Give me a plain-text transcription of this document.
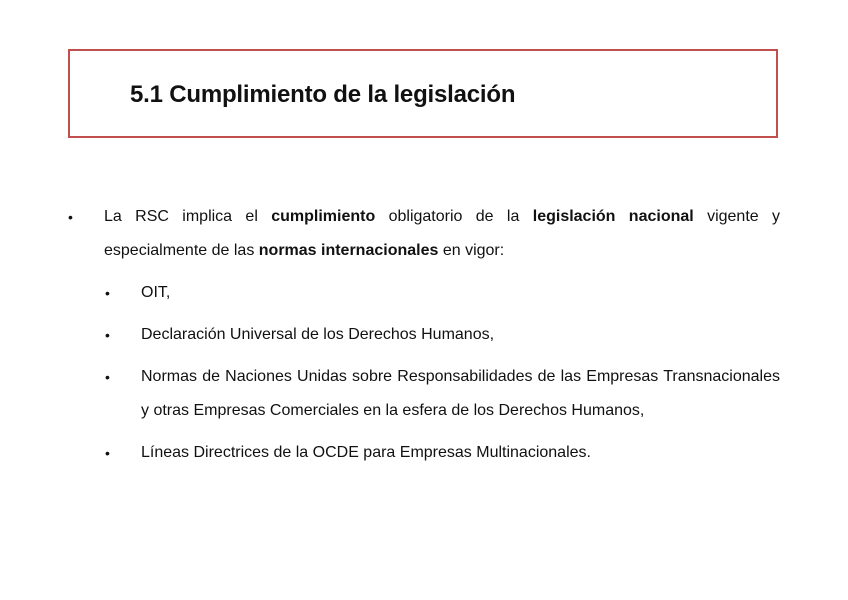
5.1 Cumplimiento de la legislación
• La RSC implica el cumplimiento obligatorio de la legislación nacional vigente y especialmente de las normas internacionales en vigor:
• OIT,
• Declaración Universal de los Derechos Humanos,
• Normas de Naciones Unidas sobre Responsabilidades de las Empresas Transnacionales y otras Empresas Comerciales en la esfera de los Derechos Humanos,
• Líneas Directrices de la OCDE para Empresas Multinacionales.
